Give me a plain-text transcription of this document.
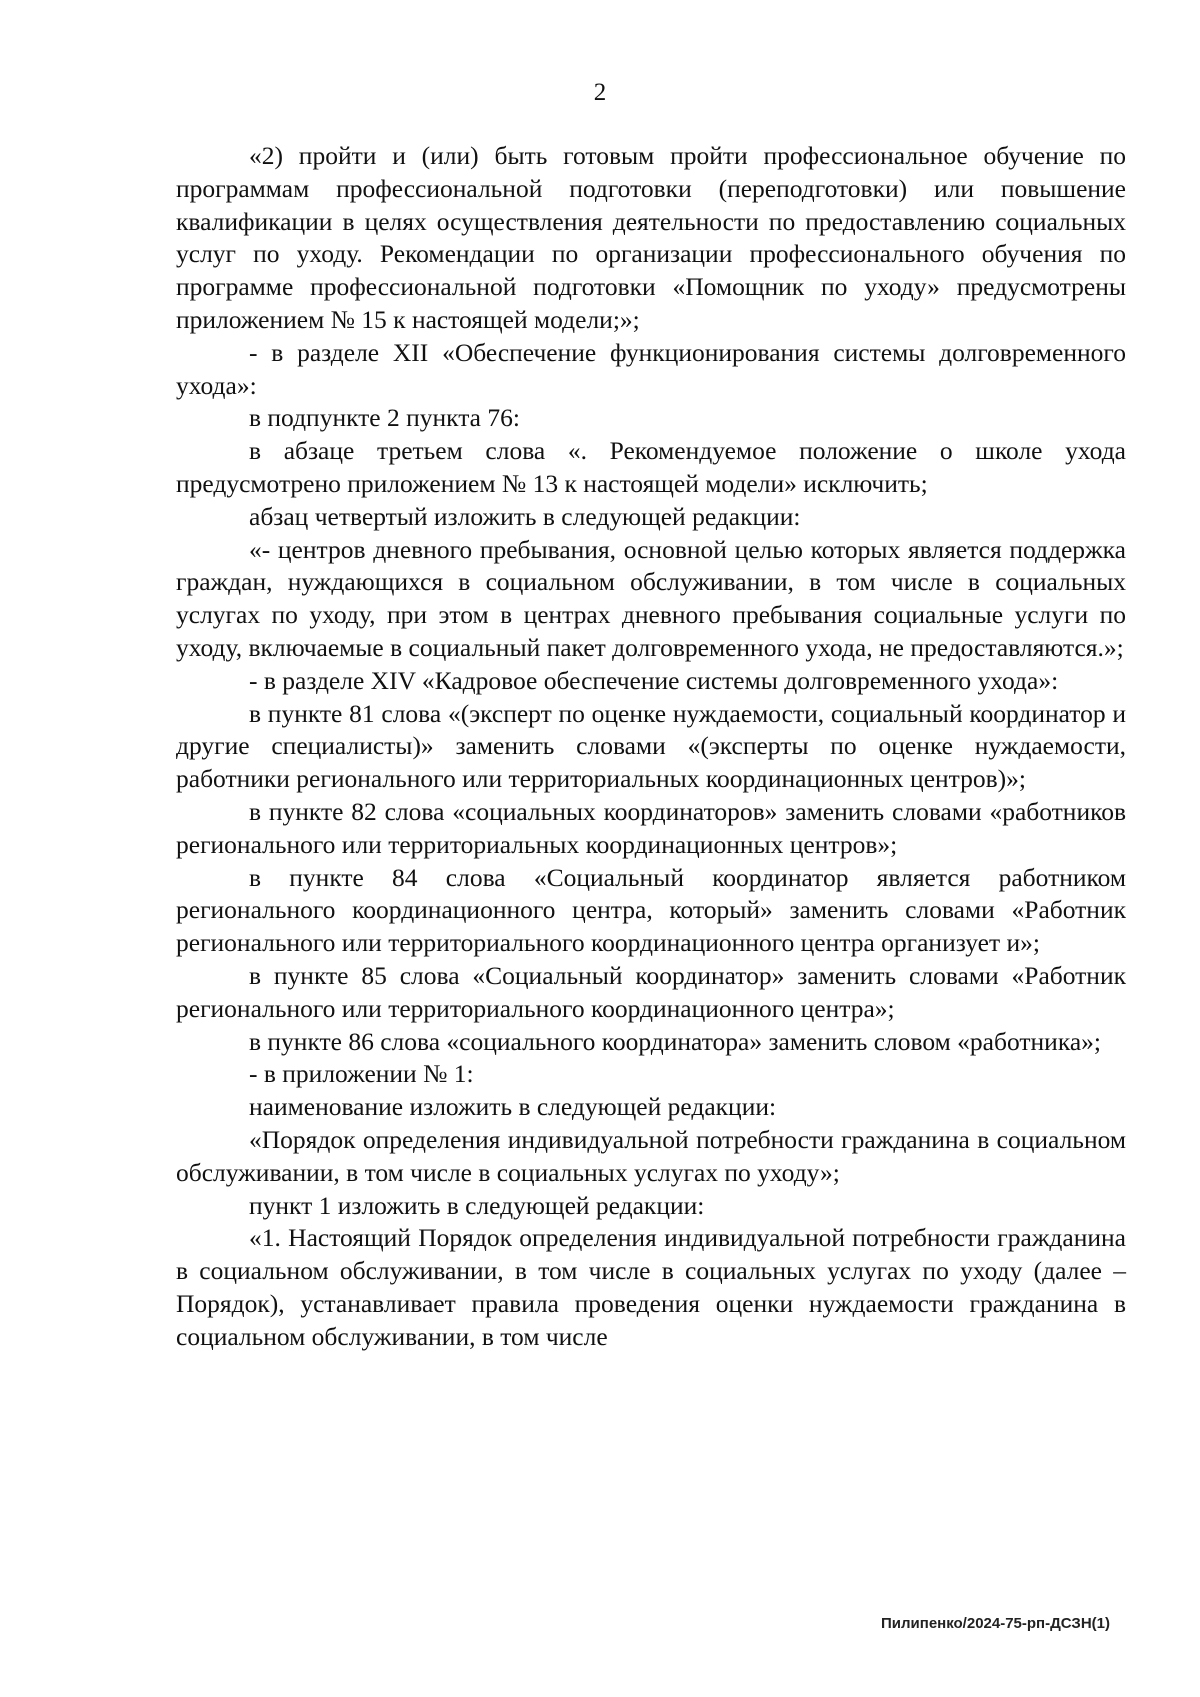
2

«2) пройти и (или) быть готовым пройти профессиональное обучение по программам профессиональной подготовки (переподготовки) или повышение квалификации в целях осуществления деятельности по предоставлению социальных услуг по уходу. Рекомендации по организации профессионального обучения по программе профессиональной подготовки «Помощник по уходу» предусмотрены приложением № 15 к настоящей модели;»;

- в разделе XII «Обеспечение функционирования системы долговременного ухода»:

в подпункте 2 пункта 76:

в абзаце третьем слова «. Рекомендуемое положение о школе ухода предусмотрено приложением № 13 к настоящей модели» исключить;

абзац четвертый изложить в следующей редакции:

«- центров дневного пребывания, основной целью которых является поддержка граждан, нуждающихся в социальном обслуживании, в том числе в социальных услугах по уходу, при этом в центрах дневного пребывания социальные услуги по уходу, включаемые в социальный пакет долговременного ухода, не предоставляются.»;

- в разделе XIV «Кадровое обеспечение системы долговременного ухода»:

в пункте 81 слова «(эксперт по оценке нуждаемости, социальный координатор и другие специалисты)» заменить словами «(эксперты по оценке нуждаемости, работники регионального или территориальных координационных центров)»;

в пункте 82 слова «социальных координаторов» заменить словами «работников регионального или территориальных координационных центров»;

в пункте 84 слова «Социальный координатор является работником регионального координационного центра, который» заменить словами «Работник регионального или территориального координационного центра организует и»;

в пункте 85 слова «Социальный координатор» заменить словами «Работник регионального или территориального координационного центра»;

в пункте 86 слова «социального координатора» заменить словом «работника»;

- в приложении № 1:

наименование изложить в следующей редакции:

«Порядок определения индивидуальной потребности гражданина в социальном обслуживании, в том числе в социальных услугах по уходу»;

пункт 1 изложить в следующей редакции:

«1. Настоящий Порядок определения индивидуальной потребности гражданина в социальном обслуживании, в том числе в социальных услугах по уходу (далее – Порядок), устанавливает правила проведения оценки нуждаемости гражданина в социальном обслуживании, в том числе

Пилипенко/2024-75-рп-ДСЗН(1)
